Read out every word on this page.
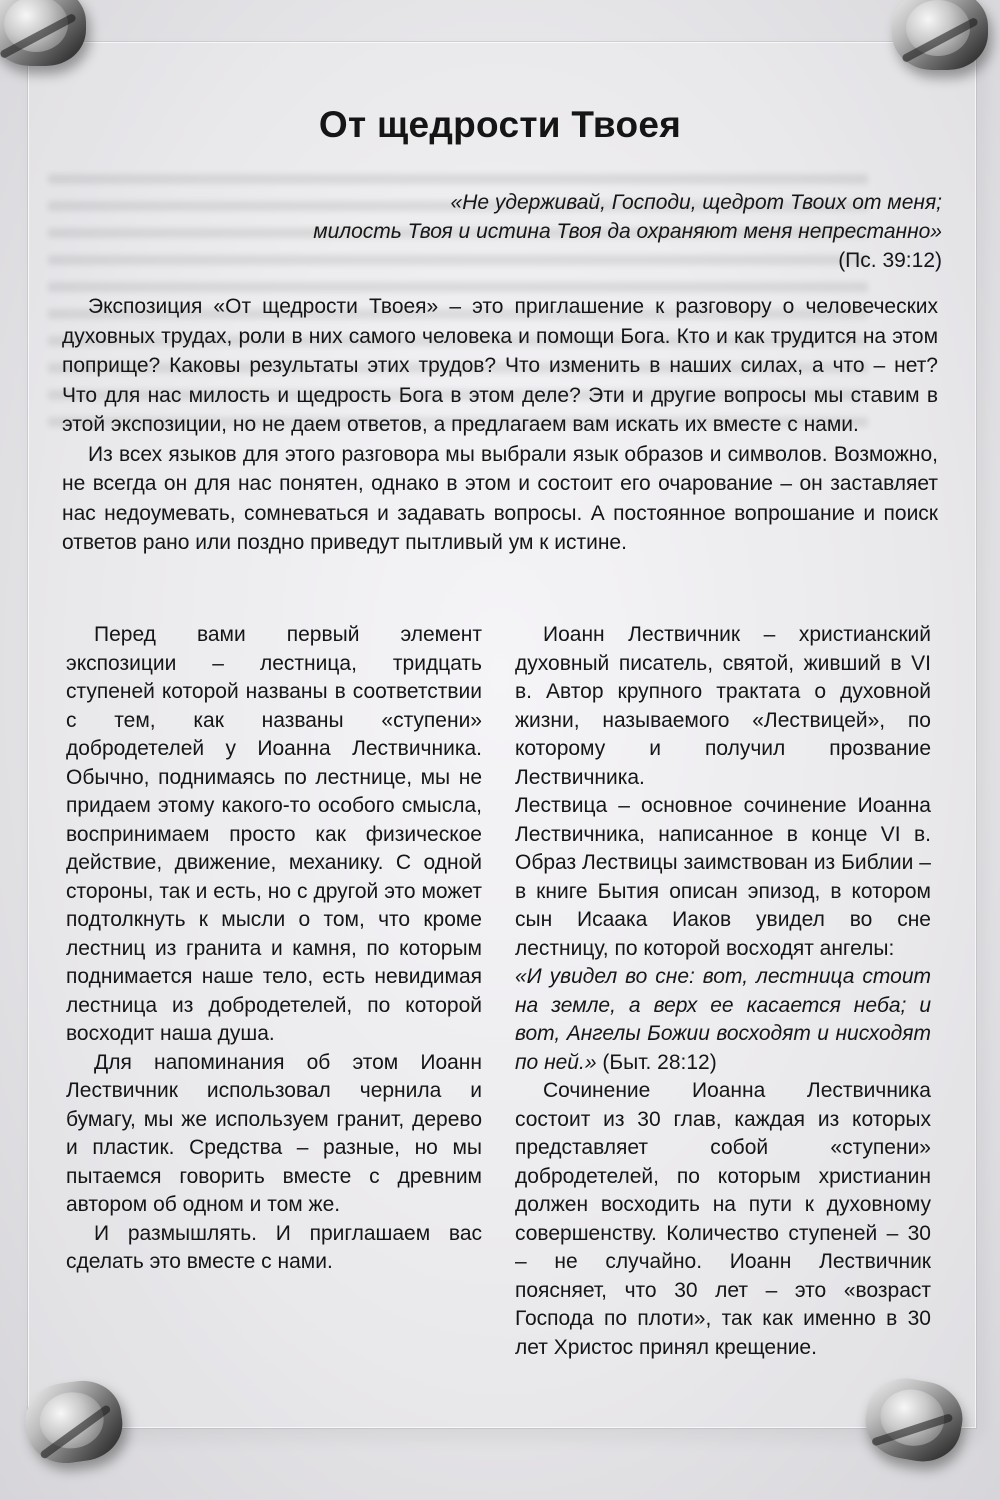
От щедрости Твоея
«Не удерживай, Господи, щедрот Твоих от меня;
милость Твоя и истина Твоя да охраняют меня непрестанно»
(Пс. 39:12)

Экспозиция «От щедрости Твоея» – это приглашение к разговору о человеческих духовных трудах, роли в них самого человека и помощи Бога. Кто и как трудится на этом поприще? Каковы результаты этих трудов? Что изменить в наших силах, а что – нет? Что для нас милость и щедрость Бога в этом деле? Эти и другие вопросы мы ставим в этой экспозиции, но не даем ответов, а предлагаем вам искать их вместе с нами.

Из всех языков для этого разговора мы выбрали язык образов и символов. Возможно, не всегда он для нас понятен, однако в этом и состоит его очарование – он заставляет нас недоумевать, сомневаться и задавать вопросы. А постоянное вопрошание и поиск ответов рано или поздно приведут пытливый ум к истине.

Перед вами первый элемент экспозиции – лестница, тридцать ступеней которой названы в соответствии с тем, как названы «ступени» добродетелей у Иоанна Лествичника. Обычно, поднимаясь по лестнице, мы не придаем этому какого-то особого смысла, воспринимаем просто как физическое действие, движение, механику. С одной стороны, так и есть, но с другой это может подтолкнуть к мысли о том, что кроме лестниц из гранита и камня, по которым поднимается наше тело, есть невидимая лестница из добродетелей, по которой восходит наша душа.

Для напоминания об этом Иоанн Лествичник использовал чернила и бумагу, мы же используем гранит, дерево и пластик. Средства – разные, но мы пытаемся говорить вместе с древним автором об одном и том же.

И размышлять. И приглашаем вас сделать это вместе с нами.

Иоанн Лествичник – христианский духовный писатель, святой, живший в VI в. Автор крупного трактата о духовной жизни, называемого «Лествицей», по которому и получил прозвание Лествичника.

Лествица – основное сочинение Иоанна Лествичника, написанное в конце VI в. Образ Лествицы заимствован из Библии – в книге Бытия описан эпизод, в котором сын Исаака Иаков увидел во сне лестницу, по которой восходят ангелы:

«И увидел во сне: вот, лестница стоит на земле, а верх ее касается неба; и вот, Ангелы Божии восходят и нисходят по ней.» (Быт. 28:12)

Сочинение Иоанна Лествичника состоит из 30 глав, каждая из которых представляет собой «ступени» добродетелей, по которым христианин должен восходить на пути к духовному совершенству. Количество ступеней – 30 – не случайно. Иоанн Лествичник поясняет, что 30 лет – это «возраст Господа по плоти», так как именно в 30 лет Христос принял крещение.
